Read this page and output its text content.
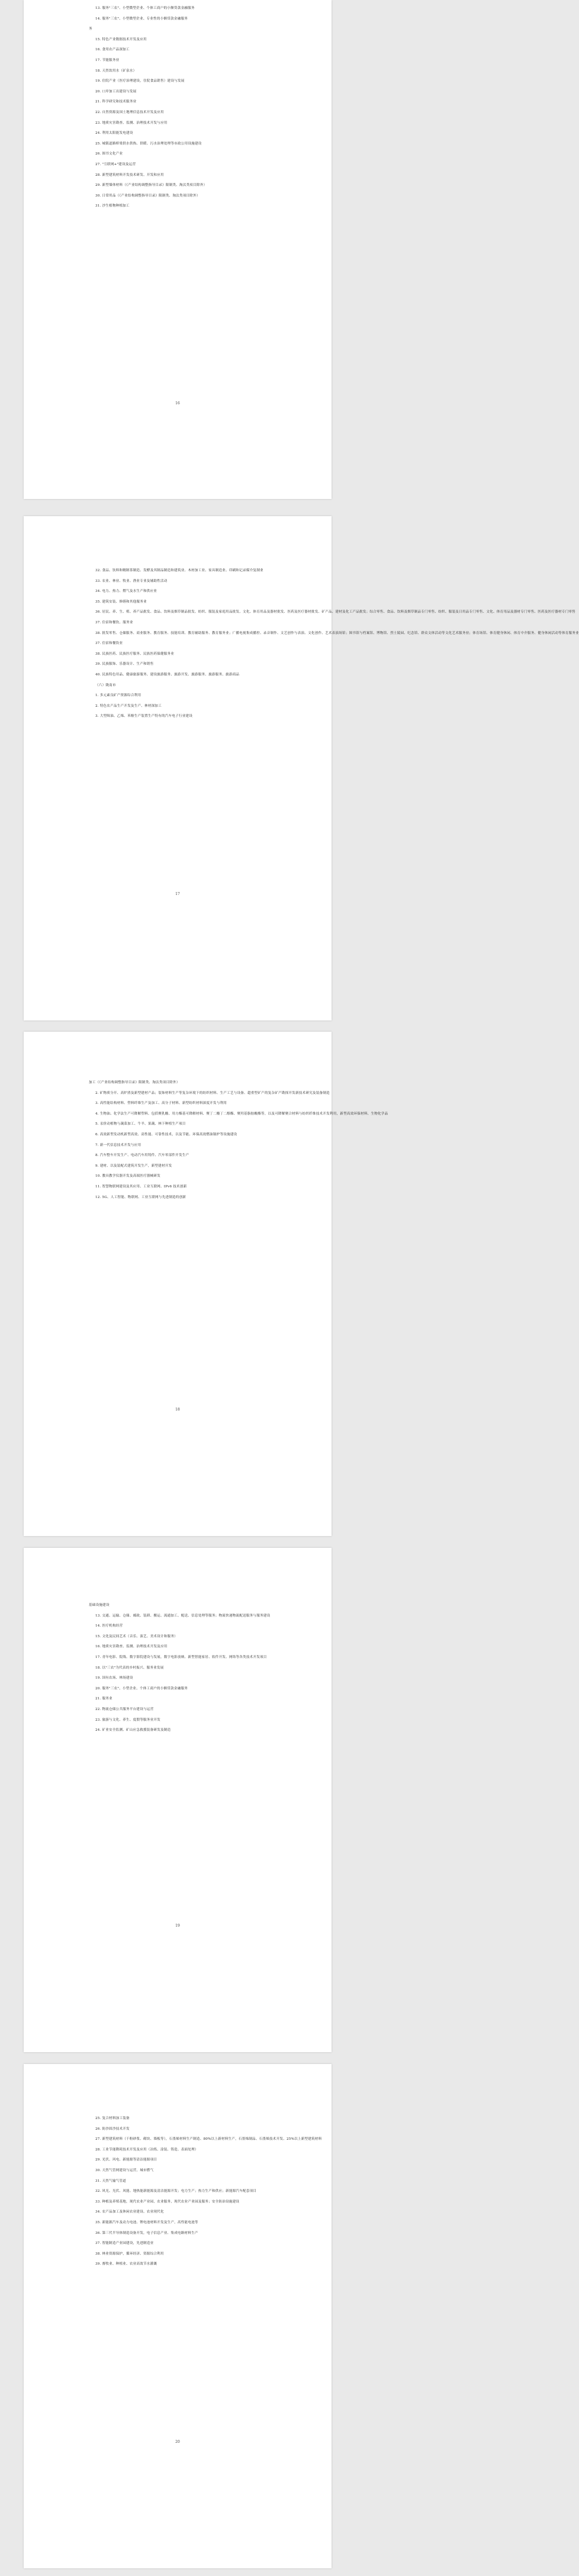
13. 服务"三农"、小型微型企业、个体工商户的小额贷款金融服务

14. 服务"三农"、小型微型企业、专业性的小额贷款金融服务

务

15. 特色产业数据技术开发及应用

16. 食用农产品深加工

17. 节能服务业

18. 天然饮用水（矿泉水）

19. 住院产业（医疗治理建设，住院食品销售）建设与发展

20. 口岸加工出建设与发展

21. 科学研究和技术服务业

22. 自然资源及国土地理信息技术开发及应用

23. 地质灾害勘查、监测、治理技术开发与应用

24. 利用太阳能发电建设

25. 城镇道路桥梁供水供热、供暖、污水治理处理等市政公用设施建设

26. 图书文化产业

27. "互联网+"建设及运营

28. 新型建筑材料开发技术研发、开发和应用

29. 新型墙体材料（《产业结构调整指导目录》限制类、淘汰类项目除外）

30. 日常用品（《产业结构调整指导目录》限制类、淘汰类项目除外）

31. 沙生植物种植加工

16

32. 食品、饮料和精制茶制造、发酵及其制品制造和建筑业、木材加工业、家具制造业、印刷和记录媒介复制业

33. 农业、林业、牧业、渔业专业及辅助性活动

34. 电力、热力、燃气及水生产和供应业

35. 建筑安装、修缮和其他服务业

36. 居民、养、生、殖、养产品批发、食品、饮料及烟草制品批发、纺织、服装及家庭用品批发、文化、体育用品及器材批发、医药及医疗器材批发、矿产品、建材及化工产品批发；综合零售、食品、饮料及烟草制品专门零售、纺织、服装及日用品专门零售、文化、体育用品及器材专门零售、医药及医疗器材专门零售

37. 住宿和餐饮、服务业

38. 批发零售、仓储服务、商业服务、教育服务、技能培训、教育辅助服务、教育服务业；广播电视集成播控、录音制作、文艺创作与表演、文化创作、艺术表演场馆；图书馆与档案馆、博物馆、烈士陵园、纪念馆、群众文体活动等文化艺术服务业；体育场馆、体育健身休闲、体育中介服务、健身休闲活动等体育服务业

37. 住宿和餐饮业

38. 民族医药、民族医疗服务、民族医药保健服务业

39. 民族服饰、乐器设计、生产和销售

40. 民族特色用品、健康旅游服务、建设旅游服务、旅游开发、旅游服务、旅游服务、旅游商品

（六）陇南市

1. 多元素良矿产资源综合利用

2. 特色农产品生产开发及生产、林材深加工

3. 大型缉油、乙烯、苯酚生产装置生产特有的汽车电子行业建设

17

加工（《产业结构调整指导目录》限制类、淘汰类项目除外）

2. 矿物质分开、高炉渣及新型建材产品；装饰材料生产等复杂环境下的纺织材料、生产工艺与设备、超重型矿产的复杂矿产勘探开发新技术研究及装备制造

3. 高性能结构材料、塑料纤维生产及加工、高分子材料、新型纺织材料深度开发与利用

4. 生物油、化学法生产可降解塑料、包括聚乳酸、用方酯基可降解材料、聚丁二酸丁二醇酯、聚羟基脂肪酸酯等，以及可降解聚合材料与纺织纤维技术开发利用，新型高效环保材料、生物化学品

5. 汞价动植物与蔬菜加工、牛羊、果蔬、林下种植生产项目

6. 高效新型发动机新型高效、高性能、可靠性技术，以及节能、环保高效燃油锅炉等设施建设

7. 新一代信息技术开发与应用

8. 汽车整车开发生产、电动汽车用铸件、汽车零部件开发生产

9. 建材、以及装配式建筑开发生产，新型建材开发

10. 教具教学仪器开发及高端医疗器械研发

11. 智慧物联网建设及其应用、工业互联网、IPv6 技术创新

12. 5G、人工智能、物联网、工业互联网与先进制造的创新

18

基础设施建设

13. 交通、运输、仓储、邮政、装卸、搬运、流通加工、配送、信息处理等服务；物流快递物流配送服务与服务建设

14. 医疗机构经营

15. 文化及民间艺术（音乐、演艺、美术设计和服务）

16. 地质灾害勘查、监测、治理技术开发及应用

17. 青年电影、院线、数字影院建设与发展，数字电影放映、新型智能家居、软件开发、网络等各类技术开发项目

18. 以"三农"为代表的乡村振兴、服务业发展

19. 国有农场、林场建设

20. 服务"三农"、小型企业、个体工商户的小额贷款金融服务

21. 服务业

22. 物流仓储公共服务平台建设与运营

23. 旅游与文化、养生、度假等服务业开发

24. 矿业安全监测、矿山应急救援装备研发及制造

19

25. 复合材料加工装备

26. 防沙固沙技术开发

27. 新型建筑材料（干粉砂浆、砌块、墙板等），石墨烯材料生产制造、80%以上新材料生产，石墨烯制品、石墨烯技术开发、25%以上新型建筑材料

28. 工业节能降耗技术开发及应用（冶炼、涂装、铸造、表面处理）

29. 光伏、风电、新能源等清洁能源项目

30. 天然气管网建设与运营，城市燃气

31. 天然气输气管道

32. 风光、光伏、风能、地热能新能源及清洁能源开发；电力生产；热力生产和供应；新能源汽车配套项目

33. 种植及养殖基地，现代农业产业园，农业服务，现代农业产业园及服务；安全防治设施建设

34. 农产品加工及休闲农业建设、农业现代化

35. 新能源汽车及动力电池、锂电池材料开发及生产，高性能电池等

36. 第三代半导体制造设备开发，电子信息产业、集成电路材料生产

37. 智能制造产业园建设，先进制造业

38. 林业资源保护，循环经济、资源综合利用

39. 畜牧业、种植业、农业高效节水灌溉

20
